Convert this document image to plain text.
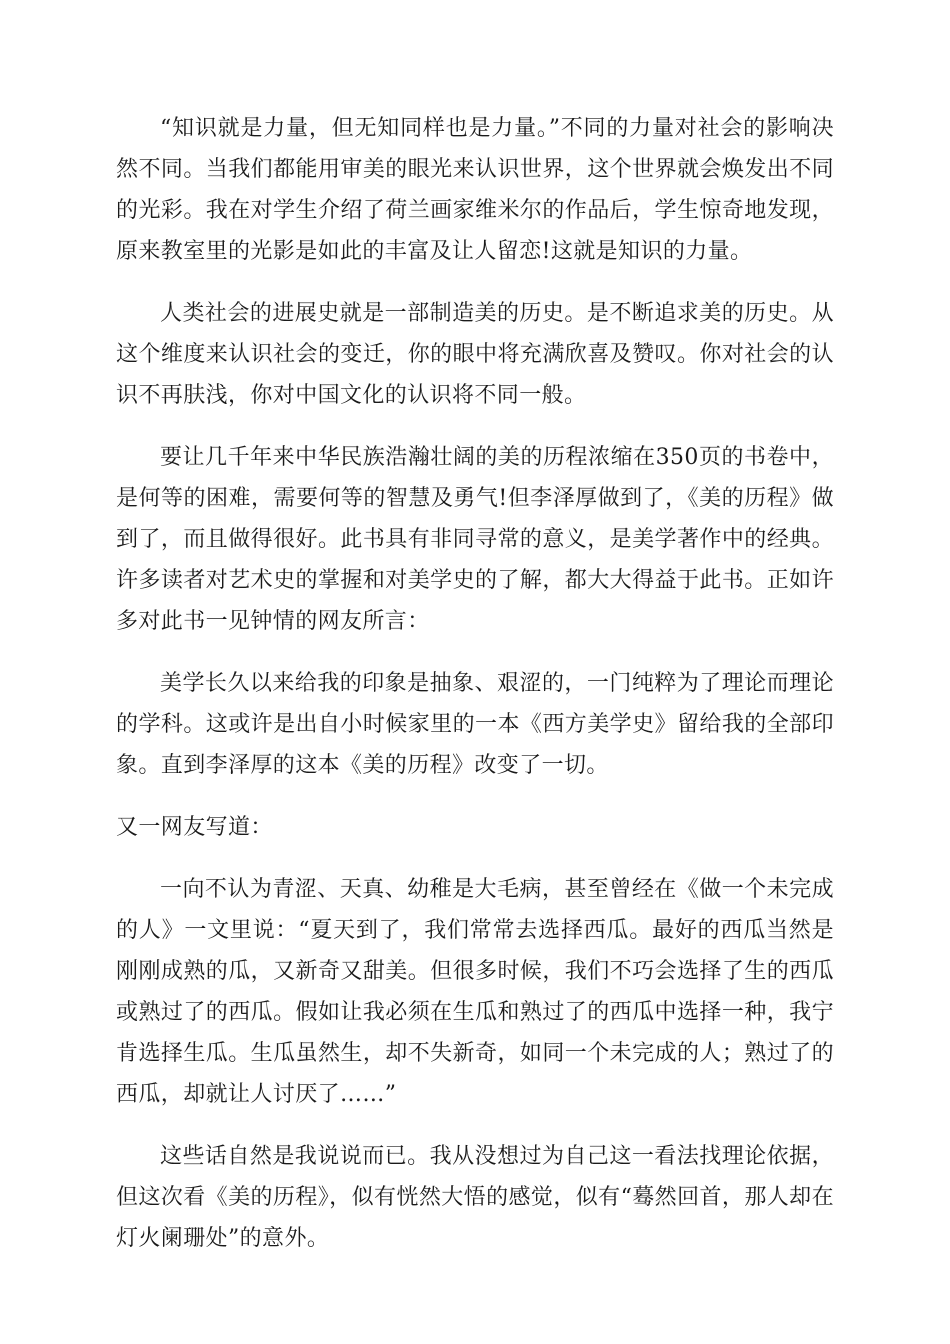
“知识就是力量，但无知同样也是力量。”不同的力量对社会的影响决然不同。当我们都能用审美的眼光来认识世界，这个世界就会焕发出不同的光彩。我在对学生介绍了荷兰画家维米尔的作品后，学生惊奇地发现，原来教室里的光影是如此的丰富及让人留恋!这就是知识的力量。

人类社会的进展史就是一部制造美的历史。是不断追求美的历史。从这个维度来认识社会的变迁，你的眼中将充满欣喜及赞叹。你对社会的认识不再肤浅，你对中国文化的认识将不同一般。

要让几千年来中华民族浩瀚壮阔的美的历程浓缩在350页的书卷中，是何等的困难，需要何等的智慧及勇气!但李泽厚做到了，《美的历程》做到了，而且做得很好。此书具有非同寻常的意义，是美学著作中的经典。许多读者对艺术史的掌握和对美学史的了解，都大大得益于此书。正如许多对此书一见钟情的网友所言：

美学长久以来给我的印象是抽象、艰涩的，一门纯粹为了理论而理论的学科。这或许是出自小时候家里的一本《西方美学史》留给我的全部印象。直到李泽厚的这本《美的历程》改变了一切。

又一网友写道：

一向不认为青涩、天真、幼稚是大毛病，甚至曾经在《做一个未完成的人》一文里说：“夏天到了，我们常常去选择西瓜。最好的西瓜当然是刚刚成熟的瓜，又新奇又甜美。但很多时候，我们不巧会选择了生的西瓜或熟过了的西瓜。假如让我必须在生瓜和熟过了的西瓜中选择一种，我宁肯选择生瓜。生瓜虽然生，却不失新奇，如同一个未完成的人；熟过了的西瓜，却就让人讨厌了……”

这些话自然是我说说而已。我从没想过为自己这一看法找理论依据，但这次看《美的历程》，似有恍然大悟的感觉，似有“蓦然回首，那人却在灯火阑珊处”的意外。
